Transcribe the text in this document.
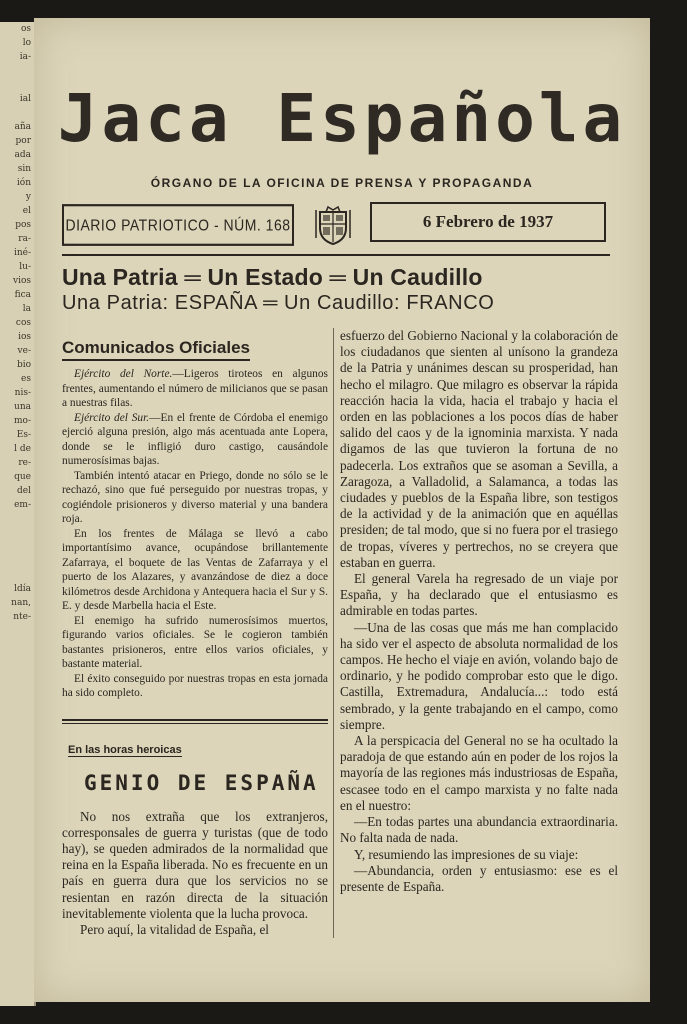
os
lo
ia-

ial

aña
por
ada
sin
ión
y
el
pos
ra-
iné-
lu-
vios
fica
la
cos
ios
ve-
bio
es
nis-
una
mo-
Es-
l de
re-
que
del
em-

ldía
nan,
nte-
Jaca Española
ÓRGANO DE LA OFICINA DE PRENSA Y PROPAGANDA
DIARIO PATRIOTICO - NÚM. 168	6 Febrero de 1937
Una Patria ═ Un Estado ═ Un Caudillo
Una Patria: ESPAÑA ═ Un Caudillo: FRANCO
Comunicados Oficiales

Ejército del Norte.—Ligeros tiroteos en algunos frentes, aumentando el número de milicianos que se pasan a nuestras filas.

Ejército del Sur.—En el frente de Córdoba el enemigo ejerció alguna presión, algo más acentuada ante Lopera, donde se le infligió duro castigo, causándole numerosísimas bajas.

También intentó atacar en Priego, donde no sólo se le rechazó, sino que fué perseguido por nuestras tropas, y cogiéndole prisioneros y diverso material y una bandera roja.

En los frentes de Málaga se llevó a cabo importantísimo avance, ocupándose brillantemente Zafarraya, el boquete de las Ventas de Zafarraya y el puerto de los Alazares, y avanzándose de diez a doce kilómetros desde Archidona y Antequera hacia el Sur y S. E. y desde Marbella hacia el Este.

El enemigo ha sufrido numerosísimos muertos, figurando varios oficiales. Se le cogieron también bastantes prisioneros, entre ellos varios oficiales, y bastante material.

El éxito conseguido por nuestras tropas en esta jornada ha sido completo.

En las horas heroicas
GENIO DE ESPAÑA

No nos extraña que los extranjeros, corresponsales de guerra y turistas (que de todo hay), se queden admirados de la normalidad que reina en la España liberada. No es frecuente en un país en guerra dura que los servicios no se resientan en razón directa de la situación inevitablemente violenta que la lucha provoca.

Pero aquí, la vitalidad de España, el

esfuerzo del Gobierno Nacional y la colaboración de los ciudadanos que sienten al unísono la grandeza de la Patria y unánimes descan su prosperidad, han hecho el milagro. Que milagro es observar la rápida reacción hacia la vida, hacia el trabajo y hacia el orden en las poblaciones a los pocos días de haber salido del caos y de la ignominia marxista. Y nada digamos de las que tuvieron la fortuna de no padecerla. Los extraños que se asoman a Sevilla, a Zaragoza, a Valladolid, a Salamanca, a todas las ciudades y pueblos de la España libre, son testigos de la actividad y de la animación que en aquéllas presiden; de tal modo, que si no fuera por el trasiego de tropas, víveres y pertrechos, no se creyera que estaban en guerra.

El general Varela ha regresado de un viaje por España, y ha declarado que el entusiasmo es admirable en todas partes.

—Una de las cosas que más me han complacido ha sido ver el aspecto de absoluta normalidad de los campos. He hecho el viaje en avión, volando bajo de ordinario, y he podido comprobar esto que le digo. Castilla, Extremadura, Andalucía...: todo está sembrado, y la gente trabajando en el campo, como siempre.

A la perspicacia del General no se ha ocultado la paradoja de que estando aún en poder de los rojos la mayoría de las regiones más industriosas de España, escasee todo en el campo marxista y no falte nada en el nuestro:

—En todas partes una abundancia extraordinaria. No falta nada de nada.

Y, resumiendo las impresiones de su viaje:

—Abundancia, orden y entusiasmo: ese es el presente de España.
